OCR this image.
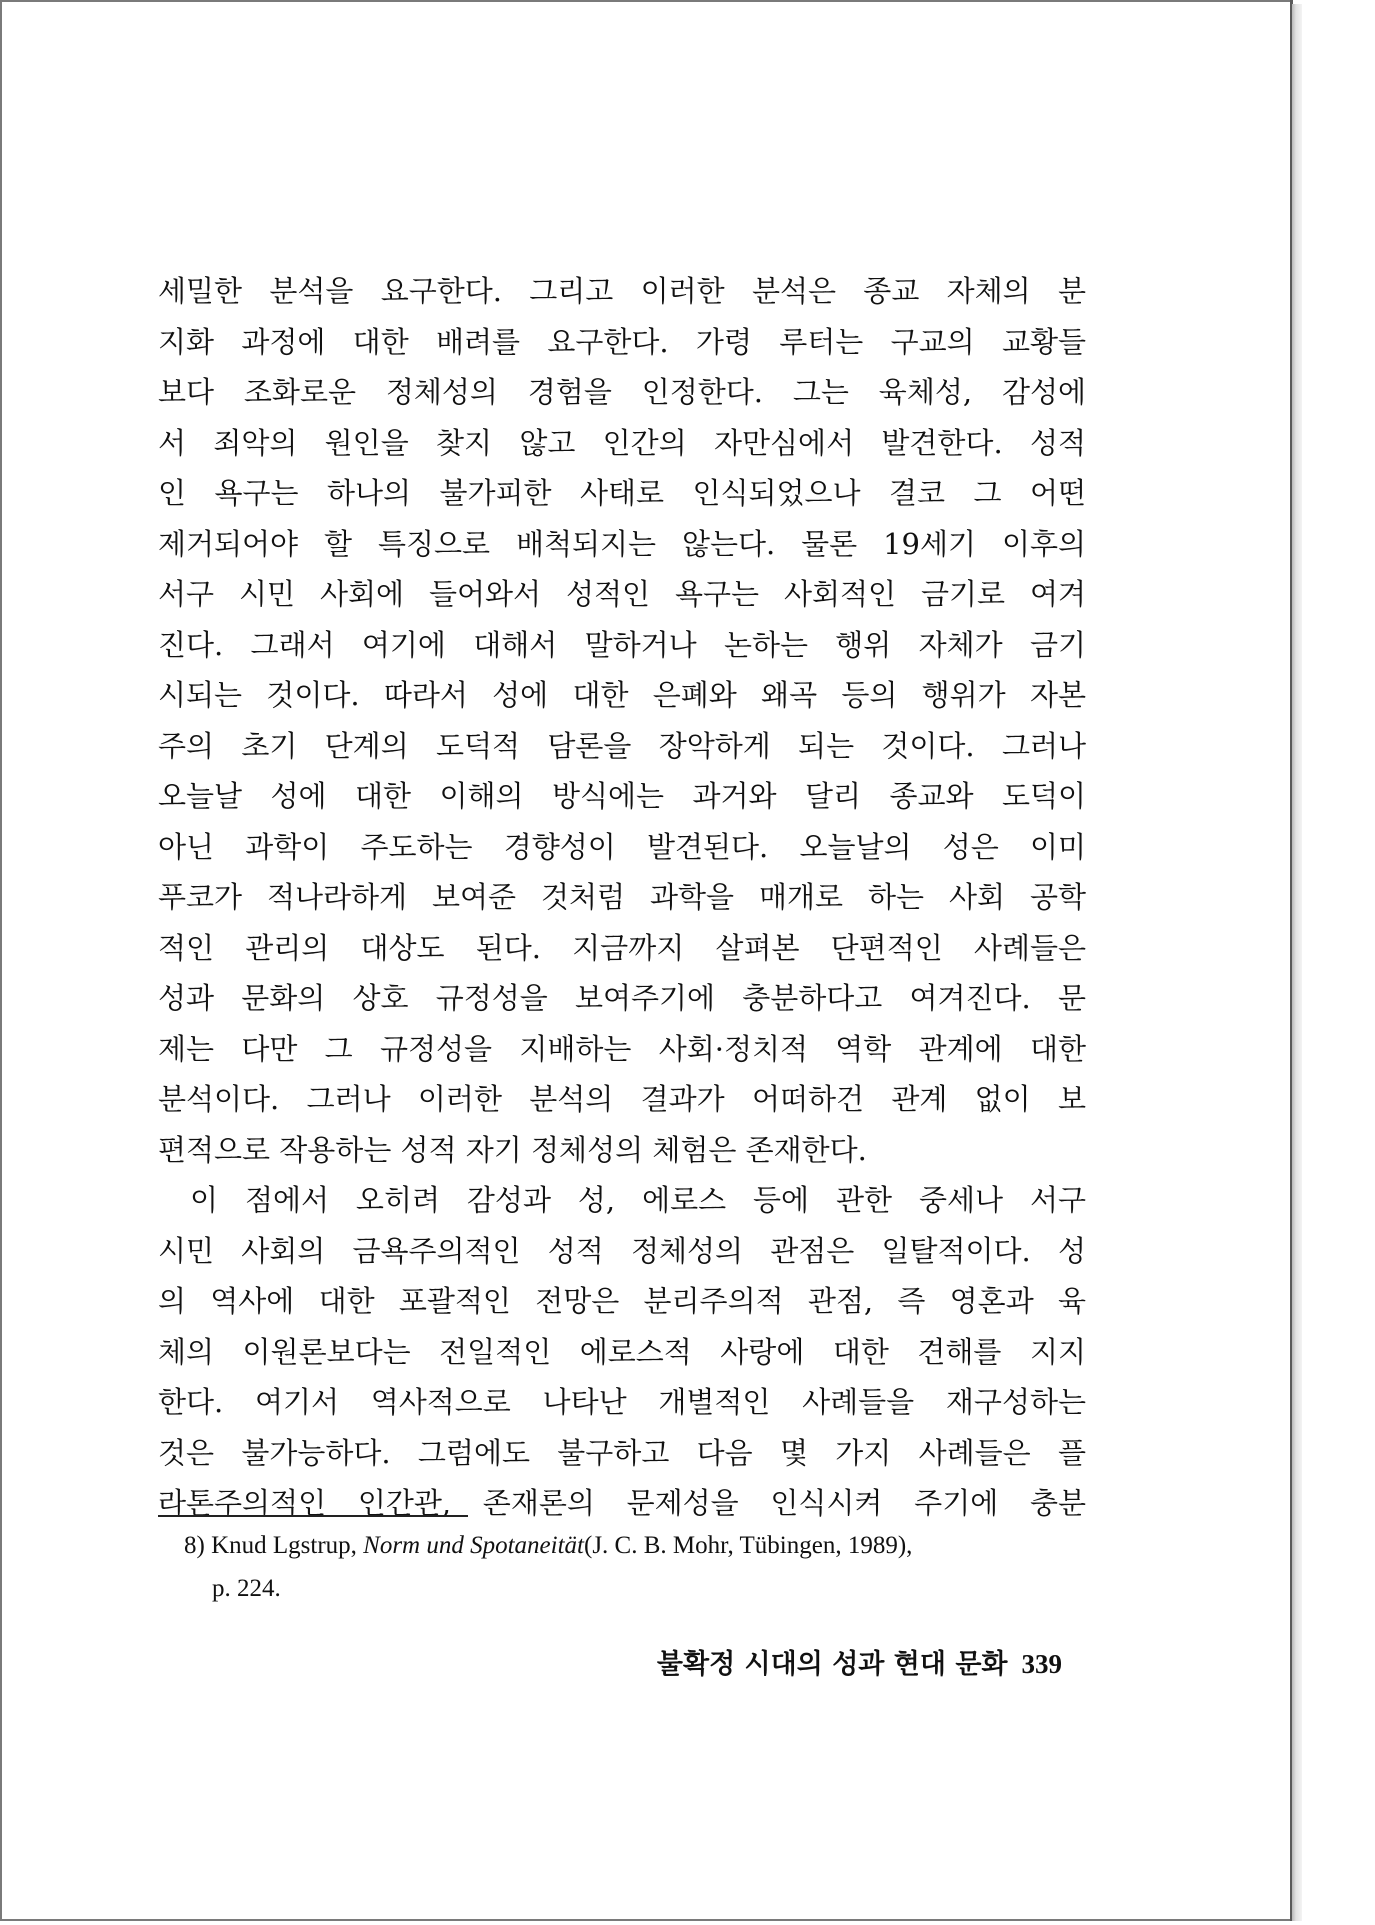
세밀한 분석을 요구한다. 그리고 이러한 분석은 종교 자체의 분
지화 과정에 대한 배려를 요구한다. 가령 루터는 구교의 교황들
보다 조화로운 정체성의 경험을 인정한다. 그는 육체성, 감성에
서 죄악의 원인을 찾지 않고 인간의 자만심에서 발견한다. 성적
인 욕구는 하나의 불가피한 사태로 인식되었으나 결코 그 어떤
제거되어야 할 특징으로 배척되지는 않는다. 물론 19세기 이후의
서구 시민 사회에 들어와서 성적인 욕구는 사회적인 금기로 여겨
진다. 그래서 여기에 대해서 말하거나 논하는 행위 자체가 금기
시되는 것이다. 따라서 성에 대한 은폐와 왜곡 등의 행위가 자본
주의 초기 단계의 도덕적 담론을 장악하게 되는 것이다. 그러나
오늘날 성에 대한 이해의 방식에는 과거와 달리 종교와 도덕이
아닌 과학이 주도하는 경향성이 발견된다. 오늘날의 성은 이미
푸코가 적나라하게 보여준 것처럼 과학을 매개로 하는 사회 공학
적인 관리의 대상도 된다. 지금까지 살펴본 단편적인 사례들은
성과 문화의 상호 규정성을 보여주기에 충분하다고 여겨진다. 문
제는 다만 그 규정성을 지배하는 사회·정치적 역학 관계에 대한
분석이다. 그러나 이러한 분석의 결과가 어떠하건 관계 없이 보
편적으로 작용하는 성적 자기 정체성의 체험은 존재한다.
이 점에서 오히려 감성과 성, 에로스 등에 관한 중세나 서구
시민 사회의 금욕주의적인 성적 정체성의 관점은 일탈적이다. 성
의 역사에 대한 포괄적인 전망은 분리주의적 관점, 즉 영혼과 육
체의 이원론보다는 전일적인 에로스적 사랑에 대한 견해를 지지
한다. 여기서 역사적으로 나타난 개별적인 사례들을 재구성하는
것은 불가능하다. 그럼에도 불구하고 다음 몇 가지 사례들은 플
라톤주의적인 인간관, 존재론의 문제성을 인식시켜 주기에 충분
8) Knud Lgstrup, Norm und Spotaneität(J. C. B. Mohr, Tübingen, 1989),
p. 224.
불확정 시대의 성과 현대 문화 339
